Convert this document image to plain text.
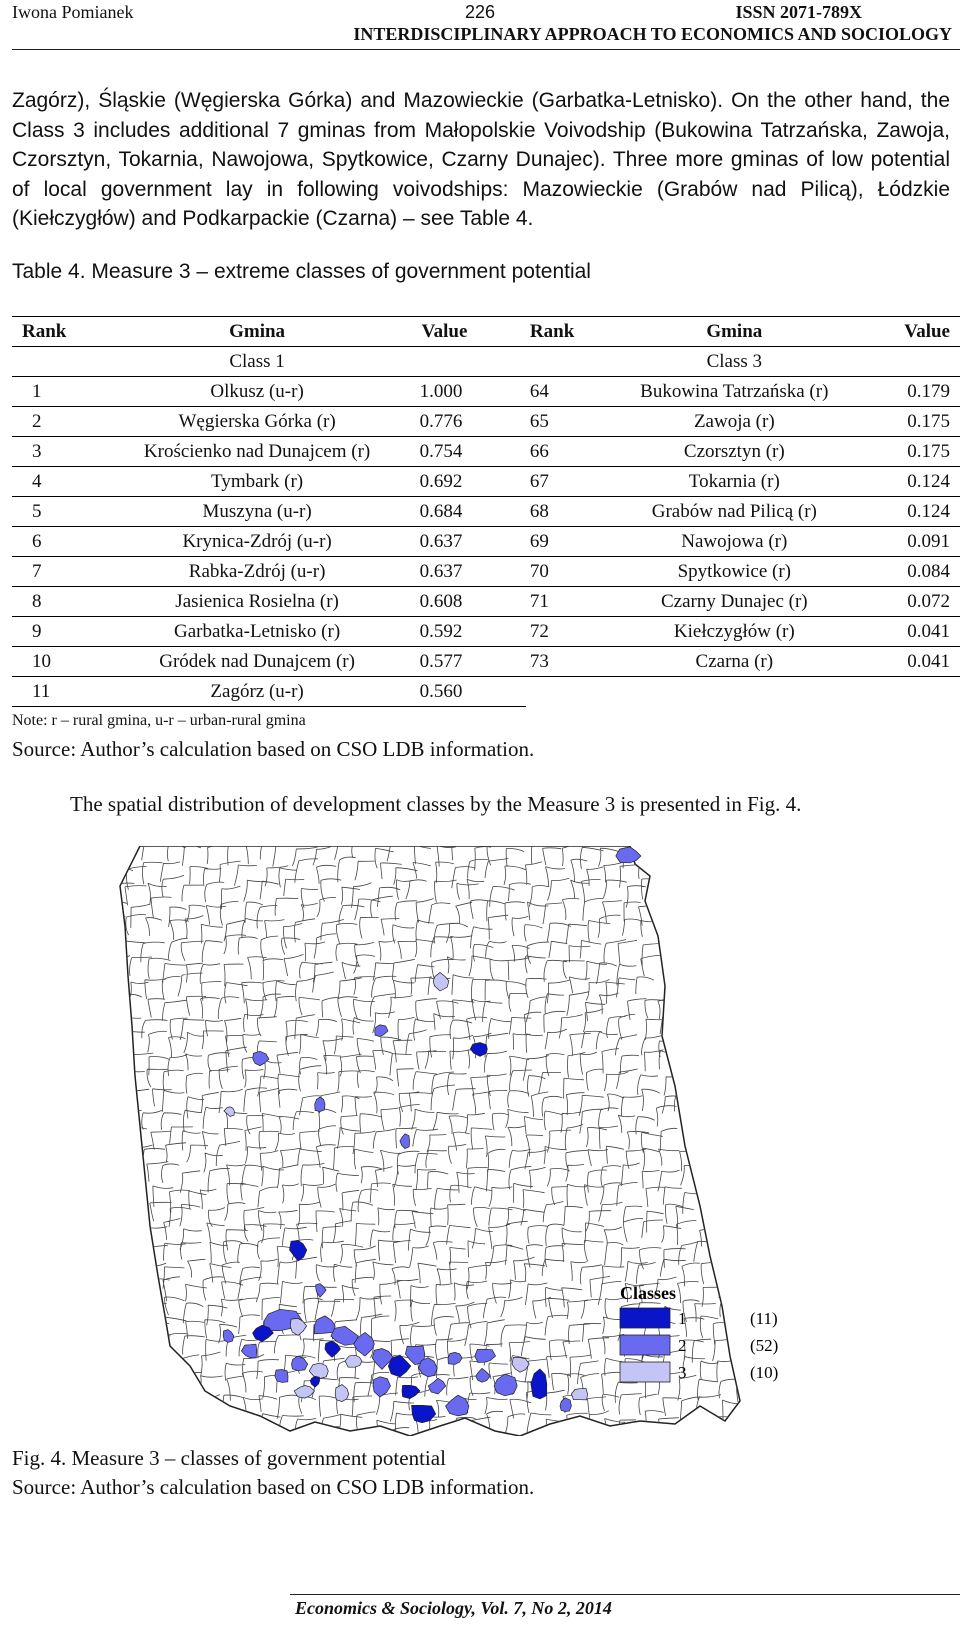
Iwona Pomianek	226	ISSN 2071-789X
INTERDISCIPLINARY APPROACH TO ECONOMICS AND SOCIOLOGY

Zagórz), Śląskie (Węgierska Górka) and Mazowieckie (Garbatka-Letnisko). On the other hand, the Class 3 includes additional 7 gminas from Małopolskie Voivodship (Bukowina Tatrzańska, Zawoja, Czorsztyn, Tokarnia, Nawojowa, Spytkowice, Czarny Dunajec). Three more gminas of low potential of local government lay in following voivodships: Mazowieckie (Grabów nad Pilicą), Łódzkie (Kiełczygłów) and Podkarpackie (Czarna) – see Table 4.

Table 4. Measure 3 – extreme classes of government potential
Rank	Gmina	Value	Rank	Gmina	Value
	Class 1			Class 3	
1	Olkusz (u-r)	1.000	64	Bukowina Tatrzańska (r)	0.179
2	Węgierska Górka (r)	0.776	65	Zawoja (r)	0.175
3	Krościenko nad Dunajcem (r)	0.754	66	Czorsztyn (r)	0.175
4	Tymbark (r)	0.692	67	Tokarnia (r)	0.124
5	Muszyna (u-r)	0.684	68	Grabów nad Pilicą (r)	0.124
6	Krynica-Zdrój (u-r)	0.637	69	Nawojowa (r)	0.091
7	Rabka-Zdrój (u-r)	0.637	70	Spytkowice (r)	0.084
8	Jasienica Rosielna (r)	0.608	71	Czarny Dunajec (r)	0.072
9	Garbatka-Letnisko (r)	0.592	72	Kiełczygłów (r)	0.041
10	Gródek nad Dunajcem (r)	0.577	73	Czarna (r)	0.041
11	Zagórz (u-r)	0.560			
Note: r – rural gmina, u-r – urban-rural gmina
Source: Author’s calculation based on CSO LDB information.
The spatial distribution of development classes by the Measure 3 is presented in Fig. 4.
Classes
1	(11)
2	(52)
3	(10)
Fig. 4. Measure 3 – classes of government potential
Source: Author’s calculation based on CSO LDB information.
Economics & Sociology, Vol. 7, No 2, 2014
